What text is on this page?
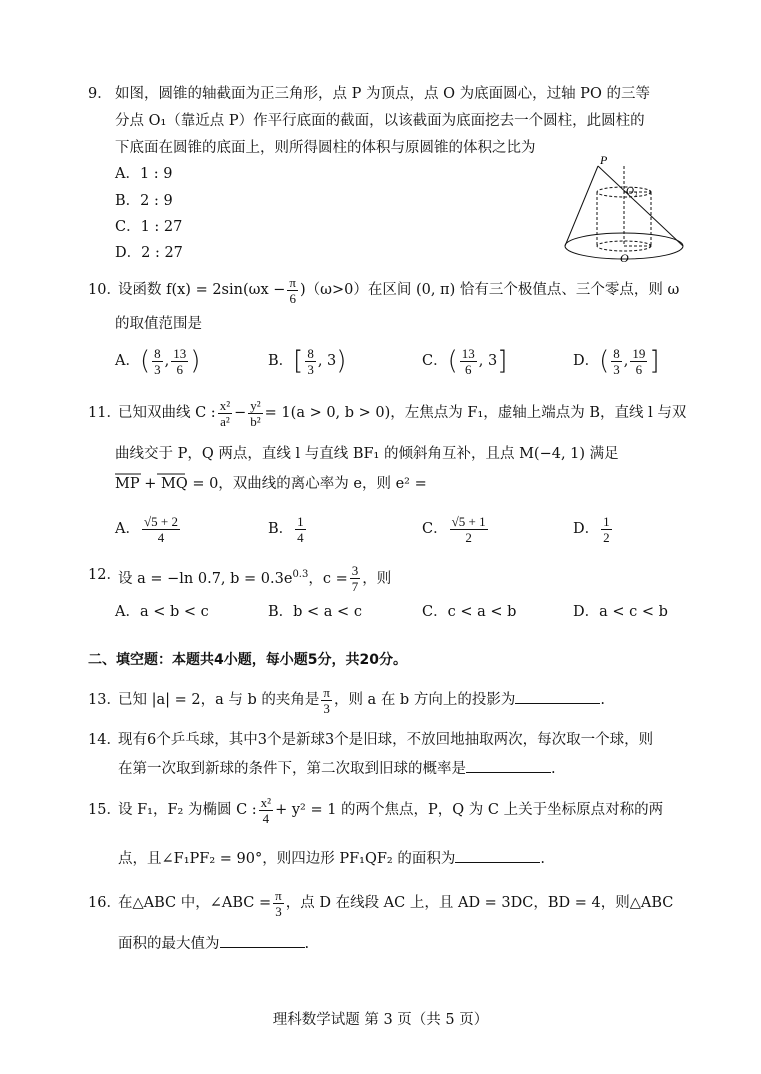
9． 如图，圆锥的轴截面为正三角形，点 P 为顶点，点 O 为底面圆心，过轴 PO 的三等
分点 O₁（靠近点 P）作平行底面的截面，以该截面为底面挖去一个圆柱，此圆柱的
下底面在圆锥的底面上，则所得圆柱的体积与原圆锥的体积之比为
A．1 : 9
B．2 : 9
C．1 : 27
D．2 : 27
P
O₁
O
10．
设函数 $f(x) = 2\sin(\omega x - \frac{\pi}{6} )(\omega>0)$在区间 (0, π) 恰有三个极值点、三个零点，则 ω
的取值范围是
A．( $\frac{8}{3}$ , $\frac{13}{6}$ )	B．[ $\frac{8}{3}$ , 3)	C．( $\frac{13}{6}$ , 3]	D．( $\frac{8}{3}$ , $\frac{19}{6}$ ]
11．
已知双曲线 C : $\frac{\text{x²}}{\text{a²}} - \frac{\text{y²}}{\text{b²}} = 1(a > 0$, b > 0)，左焦点为 F₁，虚轴上端点为 B，直线 l 与双
曲线交于 P，Q 两点，直线 l 与直线 BF₁ 的倾斜角互补，且点 M(−4, 1) 满足
MP + MQ = 0，双曲线的离心率为 e，则 e² =
A． $\frac{√5 + 2}{4}$	B． $\frac{1}{4}$	C． $\frac{√5 + 1}{2}$	D． $\frac{1}{2}$
12．
设 a = −ln 0.7, $b = 0.3e^{0.3}$，$c = \frac{3}{7}$ ，则
A．a < b < c	B．b < a < c	C．c < a < b	D．a < c < b
二、填空题：本题共4小题，每小题5分，共20分。
13．
已知 |a| = 2，a 与 b 的夹角是 $\frac{\pi}{3}$ ，则 a 在 b 方向上的投影为	.
14．
现有6个乒乓球，其中3个是新球3个是旧球，不放回地抽取两次，每次取一个球，则
在第一次取到新球的条件下，第二次取到旧球的概率是	.
15．
设 F₁，F₂ 为椭圆 C : $\frac{\text{x²}}{4} + y^2 = 1$ 的两个焦点，P，Q 为 C 上关于坐标原点对称的两
点，且∠F₁PF₂ = 90°，则四边形 PF₁QF₂ 的面积为	.
16．
在△ABC 中，∠ABC = $\frac{\pi}{3}$ ，点 D 在线段 AC 上，且 AD = 3DC，BD = 4，则△ABC
面积的最大值为	.
理科数学试题 第 3 页（共 5 页）
